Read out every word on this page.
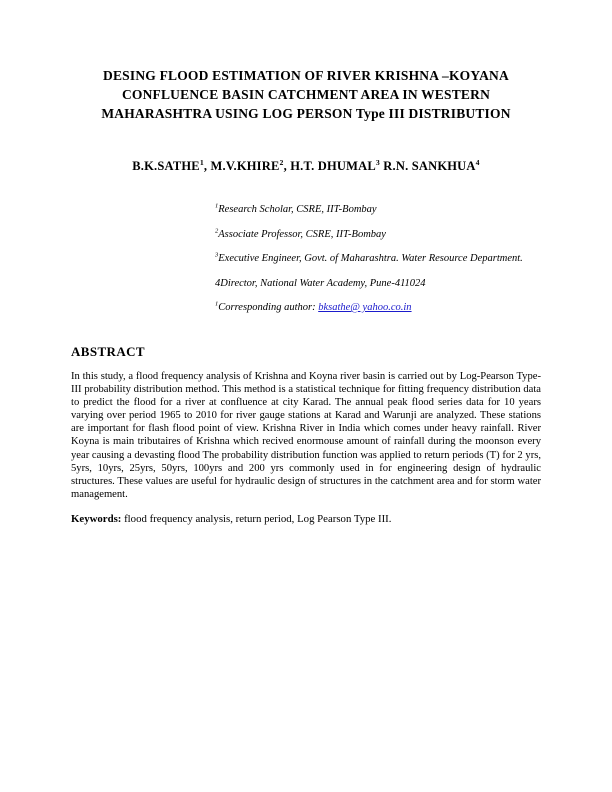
DESING FLOOD ESTIMATION OF RIVER KRISHNA –KOYANA
CONFLUENCE BASIN CATCHMENT AREA IN WESTERN
MAHARASHTRA USING LOG PERSON Type III DISTRIBUTION
B.K.SATHE$^1$, M.V.KHIRE$^2$, H.T. DHUMAL$^3$ R.N. SANKHUA$^4$
$^1$Research Scholar, CSRE, IIT-Bombay
$^2$Associate Professor, CSRE, IIT-Bombay
$^3$Executive Engineer, Govt. of Maharashtra. Water Resource Department.
4Director, National Water Academy, Pune-411024
$^1$Corresponding author: bksathe@ yahoo.co.in
ABSTRACT
In this study, a flood frequency analysis of Krishna and Koyna river basin is carried out by Log-Pearson Type-III probability distribution method. This method is a statistical technique for fitting frequency distribution data to predict the flood for a river at confluence at city Karad. The annual peak flood series data for 10 years varying over period 1965 to 2010 for river gauge stations at Karad and Warunji are analyzed. These stations are important for flash flood point of view. Krishna River in India which comes under heavy rainfall. River Koyna is main tributaires of Krishna which recived enormouse amount of rainfall during the moonson every year causing a devasting flood The probability distribution function was applied to return periods (T) for 2 yrs, 5yrs, 10yrs, 25yrs, 50yrs, 100yrs and 200 yrs commonly used in for engineering design of hydraulic structures. These values are useful for hydraulic design of structures in the catchment area and for storm water management.
Keywords: flood frequency analysis, return period, Log Pearson Type III.
